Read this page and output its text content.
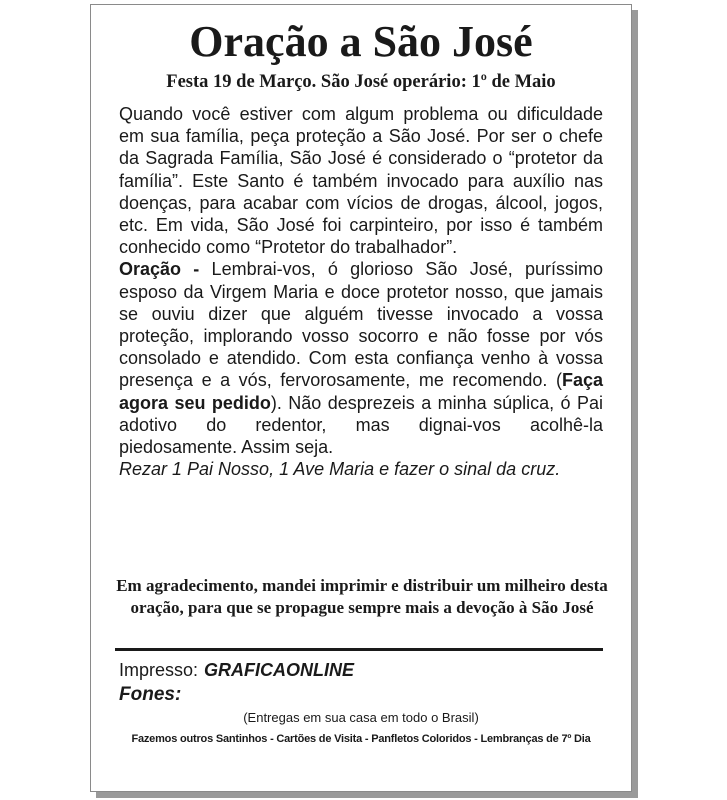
Oração a São José
Festa 19 de Março. São José operário: 1º de Maio

Quando você estiver com algum problema ou dificuldade em sua família, peça proteção a São José. Por ser o chefe da Sagrada Família, São José é considerado o “protetor da família”. Este Santo é também invocado para auxílio nas doenças, para acabar com vícios de drogas, álcool, jogos, etc. Em vida, São José foi carpinteiro, por isso é também conhecido como “Protetor do trabalhador”.

Oração - Lembrai-vos, ó glorioso São José, puríssimo esposo da Virgem Maria e doce protetor nosso, que jamais se ouviu dizer que alguém tivesse invocado a vossa proteção, implorando vosso socorro e não fosse por vós consolado e atendido. Com esta confiança venho à vossa presença e a vós, fervorosamente, me recomendo. (Faça agora seu pedido). Não desprezeis a minha súplica, ó Pai adotivo do redentor, mas dignai-vos acolhê-la piedosamente. Assim seja.

Rezar 1 Pai Nosso, 1 Ave Maria e fazer o sinal da cruz.

Em agradecimento, mandei imprimir e distribuir um milheiro desta oração, para que se propague sempre mais a devoção à São José
Impresso: GRAFICAONLINE
Fones:
(Entregas em sua casa em todo o Brasil)
Fazemos outros Santinhos - Cartões de Visita - Panfletos Coloridos - Lembranças de 7º Dia
